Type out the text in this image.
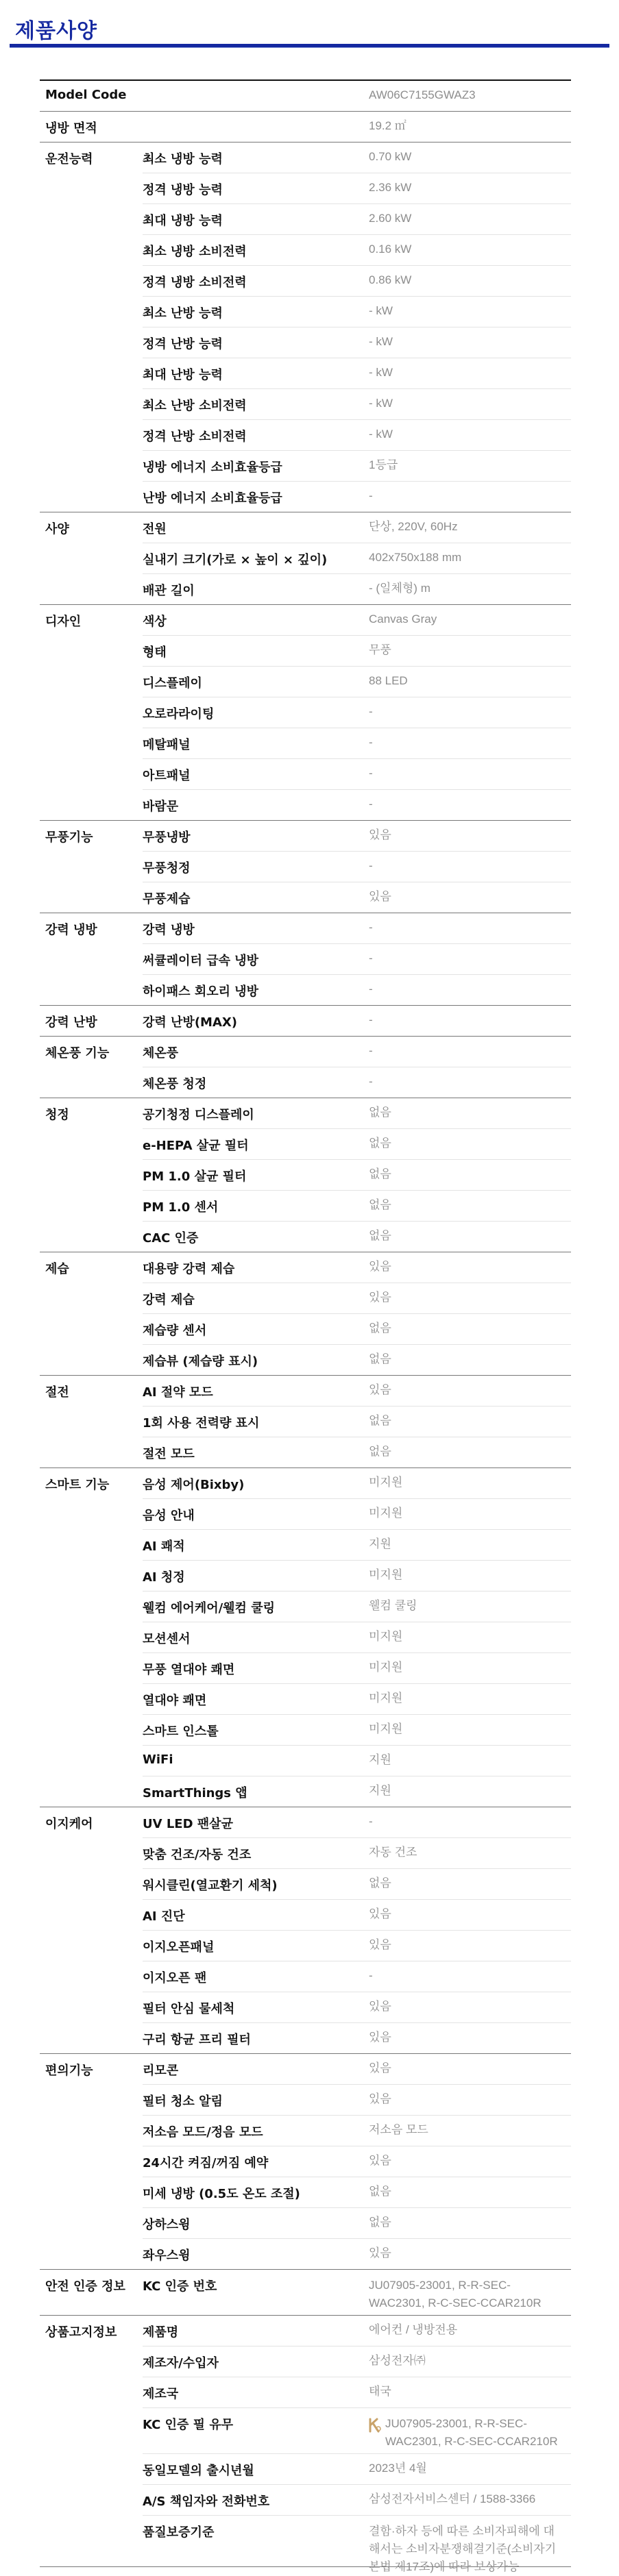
제품사양
Model Code	AW06C7155GWAZ3
냉방 면적	19.2 ㎡
운전능력	최소 냉방 능력	0.70 kW
정격 냉방 능력	2.36 kW
최대 냉방 능력	2.60 kW
최소 냉방 소비전력	0.16 kW
정격 냉방 소비전력	0.86 kW
최소 난방 능력	- kW
정격 난방 능력	- kW
최대 난방 능력	- kW
최소 난방 소비전력	- kW
정격 난방 소비전력	- kW
냉방 에너지 소비효율등급	1등급
난방 에너지 소비효율등급	-
사양	전원	단상, 220V, 60Hz
실내기 크기(가로 × 높이 × 깊이)	402x750x188 mm
배관 길이	- (일체형) m
디자인	색상	Canvas Gray
형태	무풍
디스플레이	88 LED
오로라라이팅	-
메탈패널	-
아트패널	-
바람문	-
무풍기능	무풍냉방	있음
무풍청정	-
무풍제습	있음
강력 냉방	강력 냉방	-
써큘레이터 급속 냉방	-
하이패스 회오리 냉방	-
강력 난방	강력 난방(MAX)	-
체온풍 기능	체온풍	-
체온풍 청정	-
청정	공기청정 디스플레이	없음
e-HEPA 살균 필터	없음
PM 1.0 살균 필터	없음
PM 1.0 센서	없음
CAC 인증	없음
제습	대용량 강력 제습	있음
강력 제습	있음
제습량 센서	없음
제습뷰 (제습량 표시)	없음
절전	AI 절약 모드	있음
1회 사용 전력량 표시	없음
절전 모드	없음
스마트 기능	음성 제어(Bixby)	미지원
음성 안내	미지원
AI 쾌적	지원
AI 청정	미지원
웰컴 에어케어/웰컴 쿨링	웰컴 쿨링
모션센서	미지원
무풍 열대야 쾌면	미지원
열대야 쾌면	미지원
스마트 인스톨	미지원
WiFi	지원
SmartThings 앱	지원
이지케어	UV LED 팬살균	-
맞춤 건조/자동 건조	자동 건조
워시클린(열교환기 세척)	없음
AI 진단	있음
이지오픈패널	있음
이지오픈 팬	-
필터 안심 물세척	있음
구리 항균 프리 필터	있음
편의기능	리모콘	있음
필터 청소 알림	있음
저소음 모드/정음 모드	저소음 모드
24시간 켜짐/꺼짐 예약	있음
미세 냉방 (0.5도 온도 조절)	없음
상하스윙	없음
좌우스윙	있음
안전 인증 정보	KC 인증 번호	JU07905-23001, R-R-SEC-WAC2301, R-C-SEC-CCAR210R
상품고지정보	제품명	에어컨 / 냉방전용
제조자/수입자	삼성전자㈜
제조국	태국
KC 인증 필 유무	JU07905-23001, R-R-SEC-WAC2301, R-C-SEC-CCAR210R
동일모델의 출시년월	2023년 4월
A/S 책임자와 전화번호	삼성전자서비스센터 / 1588-3366
품질보증기준	결함·하자 등에 따른 소비자피해에 대해서는 소비자분쟁해결기준(소비자기본법 제17조)에 따라 보상가능
